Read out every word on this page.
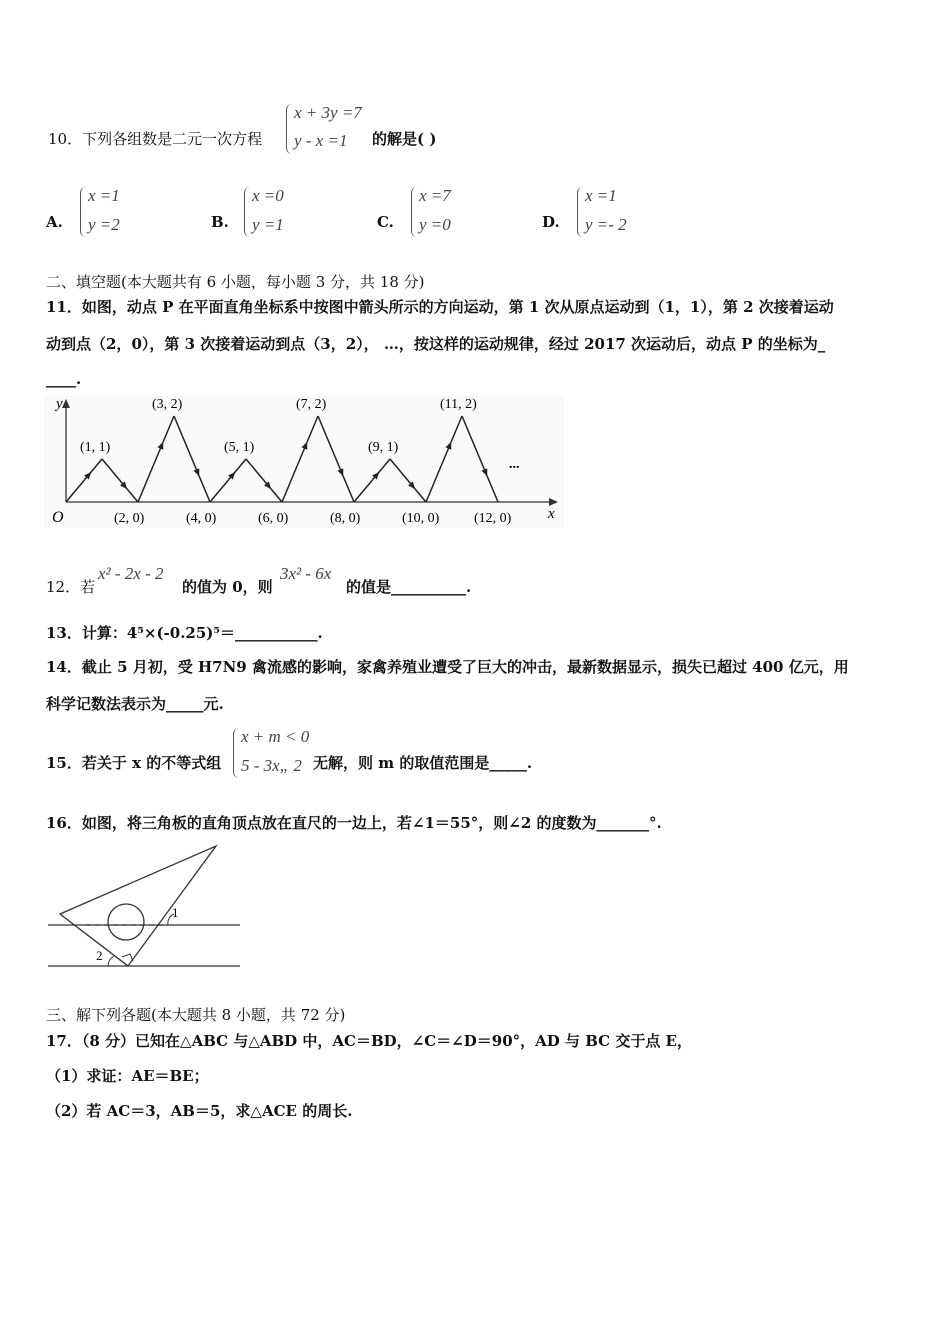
10．下列各组数是二元一次方程
x + 3y =7
y - x =1 的解是( )
A.
x =1
y =2	B.
x =0
y =1	C.
x =7
y =0	D.
x =1
y =- 2
二、填空题(本大题共有 6 小题，每小题 3 分，共 18 分)
11．如图，动点 P 在平面直角坐标系中按图中箭头所示的方向运动，第 1 次从原点运动到（1，1），第 2 次接着运动
动到点（2，0），第 3 次接着运动到点（3，2）， …，按这样的运动规律，经过 2017 次运动后，动点 P 的坐标为_
____.
y
x
O
...
(1, 1)
(3, 2)
(5, 1)
(7, 2)
(9, 1)
(11, 2)
(2, 0)	(4, 0)	(6, 0)	(8, 0)	(10, 0) (12, 0)
12．若
x² - 2x - 2
的值为 0，则
3x² - 6x
的值是__________.
13．计算：4⁵×(-0.25)⁵＝___________.
14．截止 5 月初，受 H7N9 禽流感的影响，家禽养殖业遭受了巨大的冲击，最新数据显示，损失已超过 400 亿元，用
科学记数法表示为_____元.
15．若关于 x 的不等式组
x + m < 0
5 - 3x„ 2 无解，则 m 的取值范围是_____.
16．如图，将三角板的直角顶点放在直尺的一边上，若∠1＝55°，则∠2 的度数为_______°.
1
2
三、解下列各题(本大题共 8 小题，共 72 分)
17．（8 分）已知在△ABC 与△ABD 中，AC＝BD，∠C＝∠D＝90°，AD 与 BC 交于点 E，
（1）求证：AE＝BE；
（2）若 AC＝3，AB＝5，求△ACE 的周长.
